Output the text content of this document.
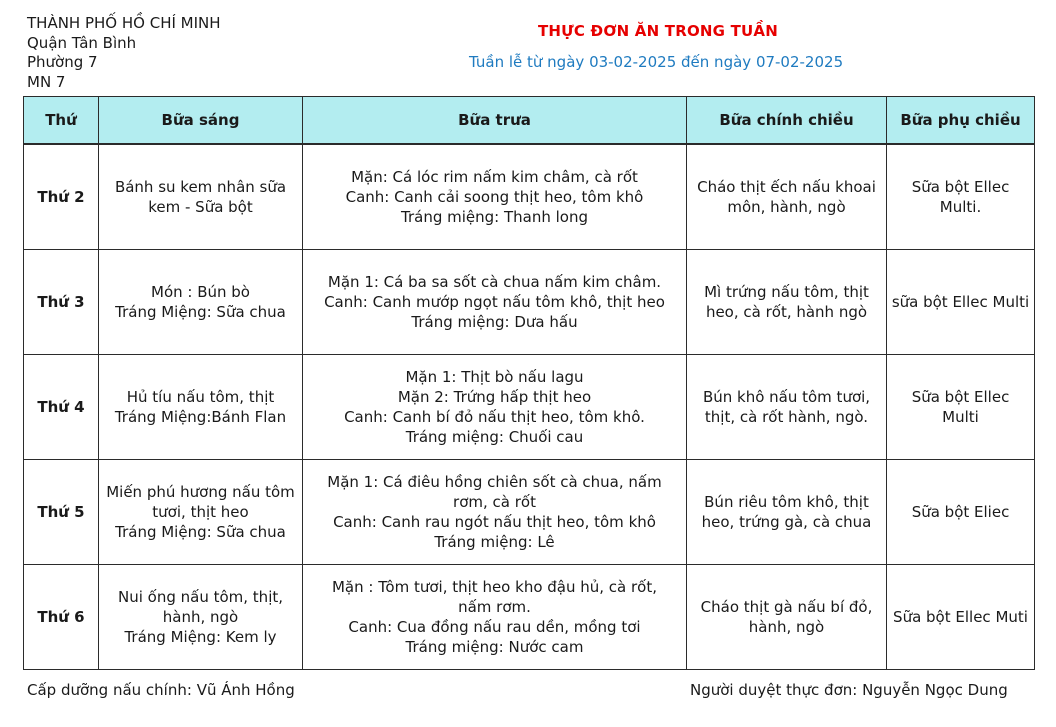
THÀNH PHỐ HỒ CHÍ MINH
Quận Tân Bình
Phường 7
MN 7
THỰC ĐƠN ĂN TRONG TUẦN
Tuần lễ từ ngày 03-02-2025 đến ngày 07-02-2025
Thứ	Bữa sáng	Bữa trưa	Bữa chính chiều	Bữa phụ chiều
Thứ 2	Bánh su kem nhân sữa
kem - Sữa bột	Mặn: Cá lóc rim nấm kim châm, cà rốt
Canh: Canh cải soong thịt heo, tôm khô
Tráng miệng: Thanh long	Cháo thịt ếch nấu khoai
môn, hành, ngò	Sữa bột Ellec
Multi.

Thứ 3	Món : Bún bò
Tráng Miệng: Sữa chua	Mặn 1: Cá ba sa sốt cà chua nấm kim châm.
Canh: Canh mướp ngọt nấu tôm khô, thịt heo
Tráng miệng: Dưa hấu	Mì trứng nấu tôm, thịt
heo, cà rốt, hành ngò	sữa bột Ellec Multi

Thứ 4	Hủ tíu nấu tôm, thịt
Tráng Miệng:Bánh Flan	Mặn 1: Thịt bò nấu lagu
Mặn 2: Trứng hấp thịt heo
Canh: Canh bí đỏ nấu thịt heo, tôm khô.
Tráng miệng: Chuối cau	Bún khô nấu tôm tươi,
thịt, cà rốt hành, ngò.	Sữa bột Ellec
Multi

Thứ 5	Miến phú hương nấu tôm
tươi, thịt heo
Tráng Miệng: Sữa chua	Mặn 1: Cá điêu hồng chiên sốt cà chua, nấm
rơm, cà rốt
Canh: Canh rau ngót nấu thịt heo, tôm khô
Tráng miệng: Lê	Bún riêu tôm khô, thịt
heo, trứng gà, cà chua	Sữa bột Eliec

Thứ 6	Nui ống nấu tôm, thịt,
hành, ngò
Tráng Miệng: Kem ly	Mặn : Tôm tươi, thịt heo kho đậu hủ, cà rốt,
nấm rơm.
Canh: Cua đồng nấu rau dền, mồng tơi
Tráng miệng: Nước cam	Cháo thịt gà nấu bí đỏ,
hành, ngò	Sữa bột Ellec Muti
Cấp dưỡng nấu chính: Vũ Ánh Hồng	Người duyệt thực đơn: Nguyễn Ngọc Dung
